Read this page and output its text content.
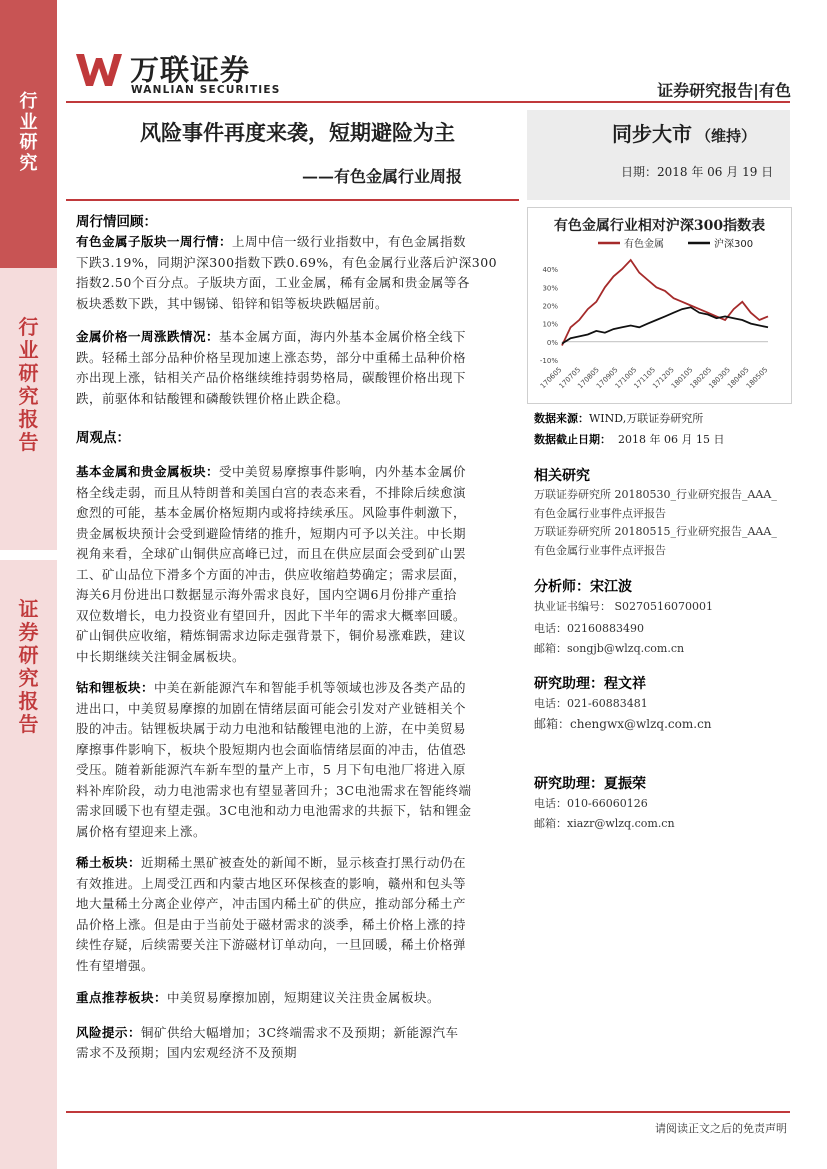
行
业
研
究
行
业
研
究
报
告
证
券
研
究
报
告
万联证券
WANLIAN SECURITIES	证券研究报告|有色
风险事件再度来袭，短期避险为主
——有色金属行业周报
同步大市 （维持）
日期：2018 年 06 月 19 日
周行情回顾：
有色金属子版块一周行情：上周中信一级行业指数中，有色金属指数
下跌3.19%，同期沪深300指数下跌0.69%，有色金属行业落后沪深300
指数2.50个百分点。子版块方面，工业金属，稀有金属和贵金属等各
板块悉数下跌，其中锡锑、铅锌和铝等板块跌幅居前。
金属价格一周涨跌情况：基本金属方面，海内外基本金属价格全线下
跌。轻稀土部分品种价格呈现加速上涨态势，部分中重稀土品种价格
亦出现上涨，钴相关产品价格继续维持弱势格局，碳酸锂价格出现下
跌，前驱体和钴酸锂和磷酸铁锂价格止跌企稳。
周观点：
基本金属和贵金属板块：受中美贸易摩擦事件影响，内外基本金属价
格全线走弱，而且从特朗普和美国白宫的表态来看，不排除后续愈演
愈烈的可能，基本金属价格短期内或将持续承压。风险事件刺激下，
贵金属板块预计会受到避险情绪的推升，短期内可予以关注。中长期
视角来看，全球矿山铜供应高峰已过，而且在供应层面会受到矿山罢
工、矿山品位下滑多个方面的冲击，供应收缩趋势确定；需求层面，
海关6月份进出口数据显示海外需求良好，国内空调6月份排产重拾
双位数增长，电力投资业有望回升，因此下半年的需求大概率回暖。
矿山铜供应收缩，精炼铜需求边际走强背景下，铜价易涨难跌，建议
中长期继续关注铜金属板块。
钴和锂板块：中美在新能源汽车和智能手机等领域也涉及各类产品的
进出口，中美贸易摩擦的加剧在情绪层面可能会引发对产业链相关个
股的冲击。钴锂板块属于动力电池和钴酸锂电池的上游，在中美贸易
摩擦事件影响下，板块个股短期内也会面临情绪层面的冲击，估值恐
受压。随着新能源汽车新车型的量产上市，5 月下旬电池厂将进入原
料补库阶段，动力电池需求也有望显著回升；3C电池需求在智能终端
需求回暖下也有望走强。3C电池和动力电池需求的共振下，钴和锂金
属价格有望迎来上涨。
稀土板块：近期稀土黑矿被查处的新闻不断，显示核查打黑行动仍在
有效推进。上周受江西和内蒙古地区环保核查的影响，赣州和包头等
地大量稀土分离企业停产，冲击国内稀土矿的供应，推动部分稀土产
品价格上涨。但是由于当前处于磁材需求的淡季，稀土价格上涨的持
续性存疑，后续需要关注下游磁材订单动向，一旦回暖，稀土价格弹
性有望增强。
重点推荐板块：中美贸易摩擦加剧，短期建议关注贵金属板块。
风险提示：铜矿供给大幅增加；3C终端需求不及预期；新能源汽车
需求不及预期；国内宏观经济不及预期
有色金属行业相对沪深300指数表
有色金属	沪深300
-10%
0%
10%
20%
30%
40%
170605
170705
170805
170905
171005
171105
171205
180105
180205
180305
180405
180505
数据来源：WIND,万联证券研究所
数据截止日期： 2018 年 06 月 15 日
相关研究
万联证券研究所 20180530_行业研究报告_AAA_
有色金属行业事件点评报告
万联证券研究所 20180515_行业研究报告_AAA_
有色金属行业事件点评报告
分析师：宋江波
执业证书编号： S0270516070001
电话：02160883490
邮箱：songjb@wlzq.com.cn
研究助理：程文祥
电话：021-60883481
邮箱：chengwx@wlzq.com.cn
研究助理：夏振荣
电话：010-66060126
邮箱：xiazr@wlzq.com.cn
请阅读正文之后的免责声明
